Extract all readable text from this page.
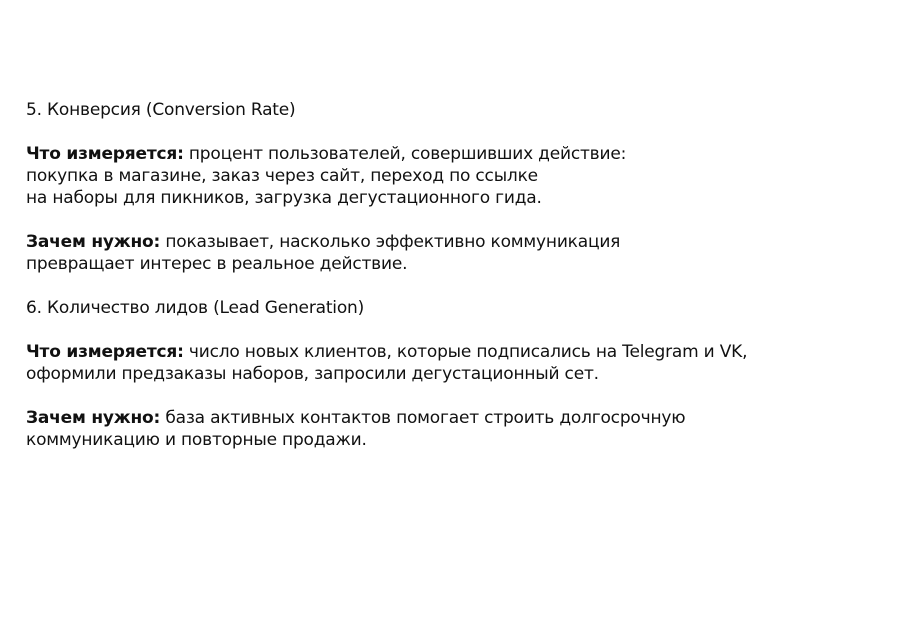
5. Конверсия (Conversion Rate)

Что измеряется: процент пользователей, совершивших действие:
покупка в магазине, заказ через сайт, переход по ссылке
на наборы для пикников, загрузка дегустационного гида.

Зачем нужно: показывает, насколько эффективно коммуникация
превращает интерес в реальное действие.

6. Количество лидов (Lead Generation)

Что измеряется: число новых клиентов, которые подписались на Telegram и VK,
оформили предзаказы наборов, запросили дегустационный сет.

Зачем нужно: база активных контактов помогает строить долгосрочную
коммуникацию и повторные продажи.
